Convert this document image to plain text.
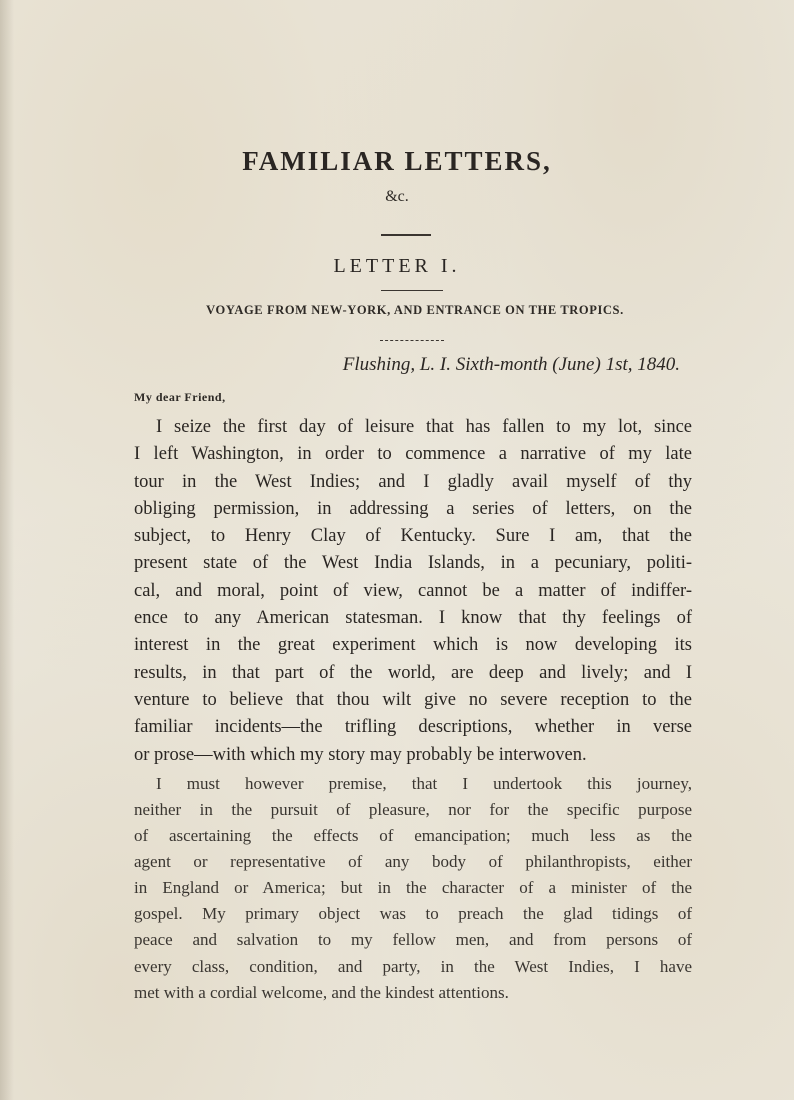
FAMILIAR LETTERS,
&c.
LETTER I.
VOYAGE FROM NEW-YORK, AND ENTRANCE ON THE TROPICS.
Flushing, L. I. Sixth-month (June) 1st, 1840.
My dear Friend,
I seize the first day of leisure that has fallen to my lot, since
I left Washington, in order to commence a narrative of my late
tour in the West Indies; and I gladly avail myself of thy
obliging permission, in addressing a series of letters, on the
subject, to Henry Clay of Kentucky. Sure I am, that the
present state of the West India Islands, in a pecuniary, politi-
cal, and moral, point of view, cannot be a matter of indiffer-
ence to any American statesman. I know that thy feelings of
interest in the great experiment which is now developing its
results, in that part of the world, are deep and lively; and I
venture to believe that thou wilt give no severe reception to the
familiar incidents—the trifling descriptions, whether in verse
or prose—with which my story may probably be interwoven.
I must however premise, that I undertook this journey,
neither in the pursuit of pleasure, nor for the specific purpose
of ascertaining the effects of emancipation; much less as the
agent or representative of any body of philanthropists, either
in England or America; but in the character of a minister of the
gospel. My primary object was to preach the glad tidings of
peace and salvation to my fellow men, and from persons of
every class, condition, and party, in the West Indies, I have
met with a cordial welcome, and the kindest attentions.
